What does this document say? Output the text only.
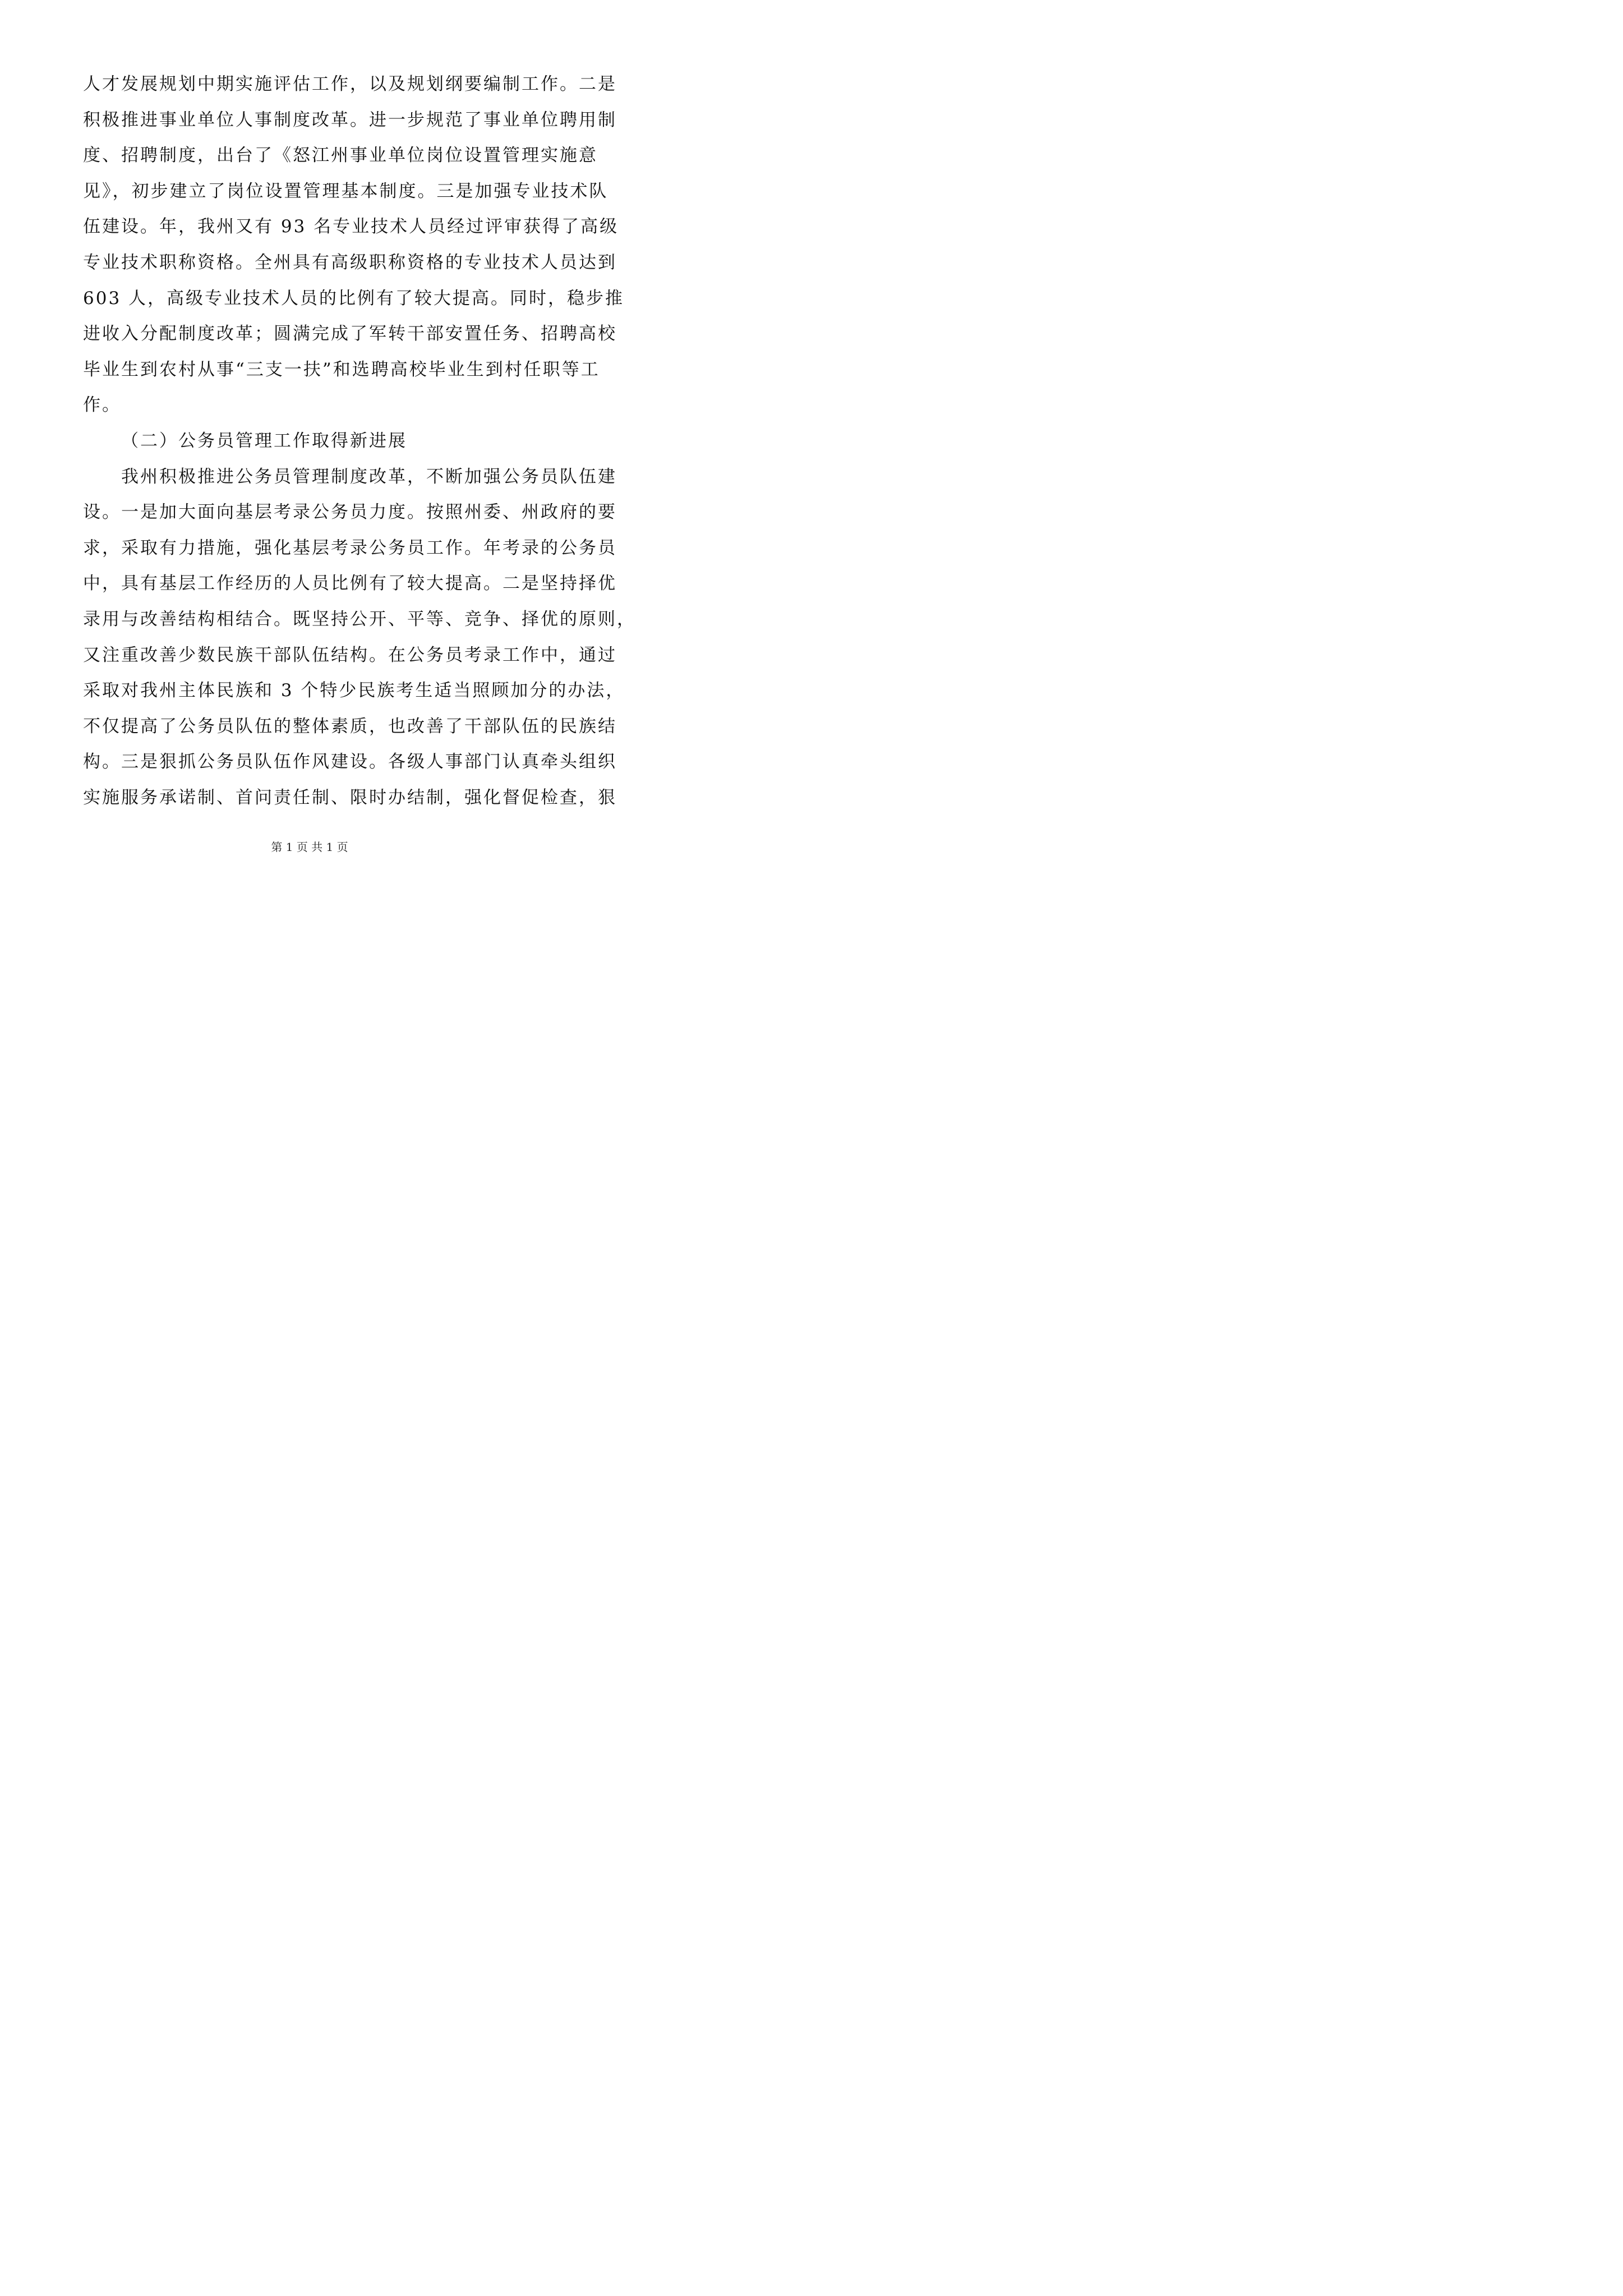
人才发展规划中期实施评估工作，以及规划纲要编制工作。二是
积极推进事业单位人事制度改革。进一步规范了事业单位聘用制
度、招聘制度，出台了《怒江州事业单位岗位设置管理实施意
见》，初步建立了岗位设置管理基本制度。三是加强专业技术队
伍建设。年，我州又有 93 名专业技术人员经过评审获得了高级
专业技术职称资格。全州具有高级职称资格的专业技术人员达到
603 人，高级专业技术人员的比例有了较大提高。同时，稳步推
进收入分配制度改革；圆满完成了军转干部安置任务、招聘高校
毕业生到农村从事“三支一扶”和选聘高校毕业生到村任职等工
作。
（二）公务员管理工作取得新进展
我州积极推进公务员管理制度改革，不断加强公务员队伍建
设。一是加大面向基层考录公务员力度。按照州委、州政府的要
求，采取有力措施，强化基层考录公务员工作。年考录的公务员
中，具有基层工作经历的人员比例有了较大提高。二是坚持择优
录用与改善结构相结合。既坚持公开、平等、竞争、择优的原则，
又注重改善少数民族干部队伍结构。在公务员考录工作中，通过
采取对我州主体民族和 3 个特少民族考生适当照顾加分的办法，
不仅提高了公务员队伍的整体素质，也改善了干部队伍的民族结
构。三是狠抓公务员队伍作风建设。各级人事部门认真牵头组织
实施服务承诺制、首问责任制、限时办结制，强化督促检查，狠
第 1 页 共 1 页
